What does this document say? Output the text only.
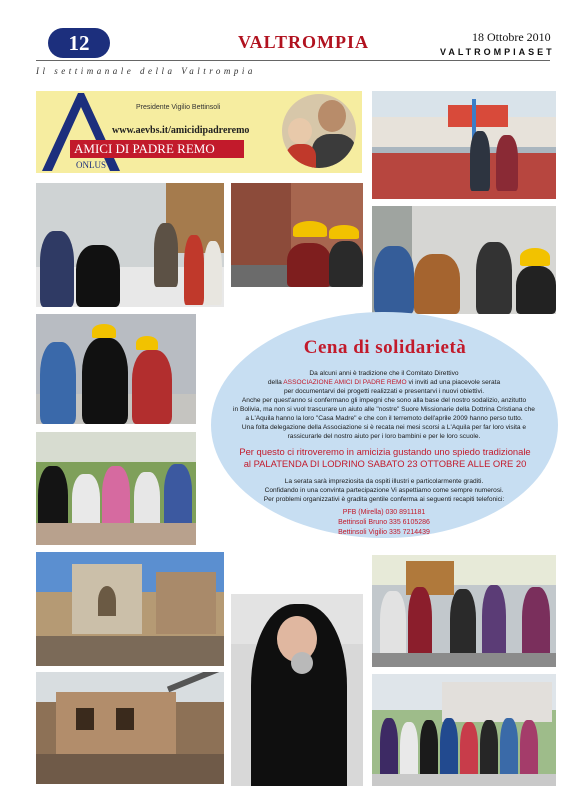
12	VALTROMPIA	18 Ottobre 2010
VALTROMPIASET
Il settimanale della Valtrompia
Presidente Vigilio Bettinsoli
www.aevbs.it/amicidipadreremo
AMICI DI PADRE REMO
ONLUS
Cena di solidarietà
Da alcuni anni è tradizione che il Comitato Direttivo
della ASSOCIAZIONE AMICI DI PADRE REMO vi inviti ad una piacevole serata
per documentarvi dei progetti realizzati e presentarvi i nuovi obiettivi.
Anche per quest'anno si confermano gli impegni che sono alla base del nostro sodalizio, anzitutto
in Bolivia, ma non si vuol trascurare un aiuto alle "nostre" Suore Missionarie della Dottrina Cristiana che
a L'Aquila hanno la loro "Casa Madre" e che con il terremoto dell'aprile 2009 hanno perso tutto.
Una folta delegazione della Associazione si è recata nei mesi scorsi a L'Aquila per far loro visita e
rassicurarle del nostro aiuto per i loro bambini e per le loro scuole.
Per questo ci ritroveremo in amicizia gustando uno spiedo tradizionale
al PALATENDA DI LODRINO SABATO 23 OTTOBRE ALLE ORE 20
La serata sarà impreziosita da ospiti illustri e particolarmente graditi.
Confidando in una convinta partecipazione Vi aspettiamo come sempre numerosi.
Per problemi organizzativi è gradita gentile conferma ai seguenti recapiti telefonici:
PFB (Mirella) 030 8911181
Bettinsoli Bruno 335 6105286
Bettinsoli Vigilio 335 7214439
